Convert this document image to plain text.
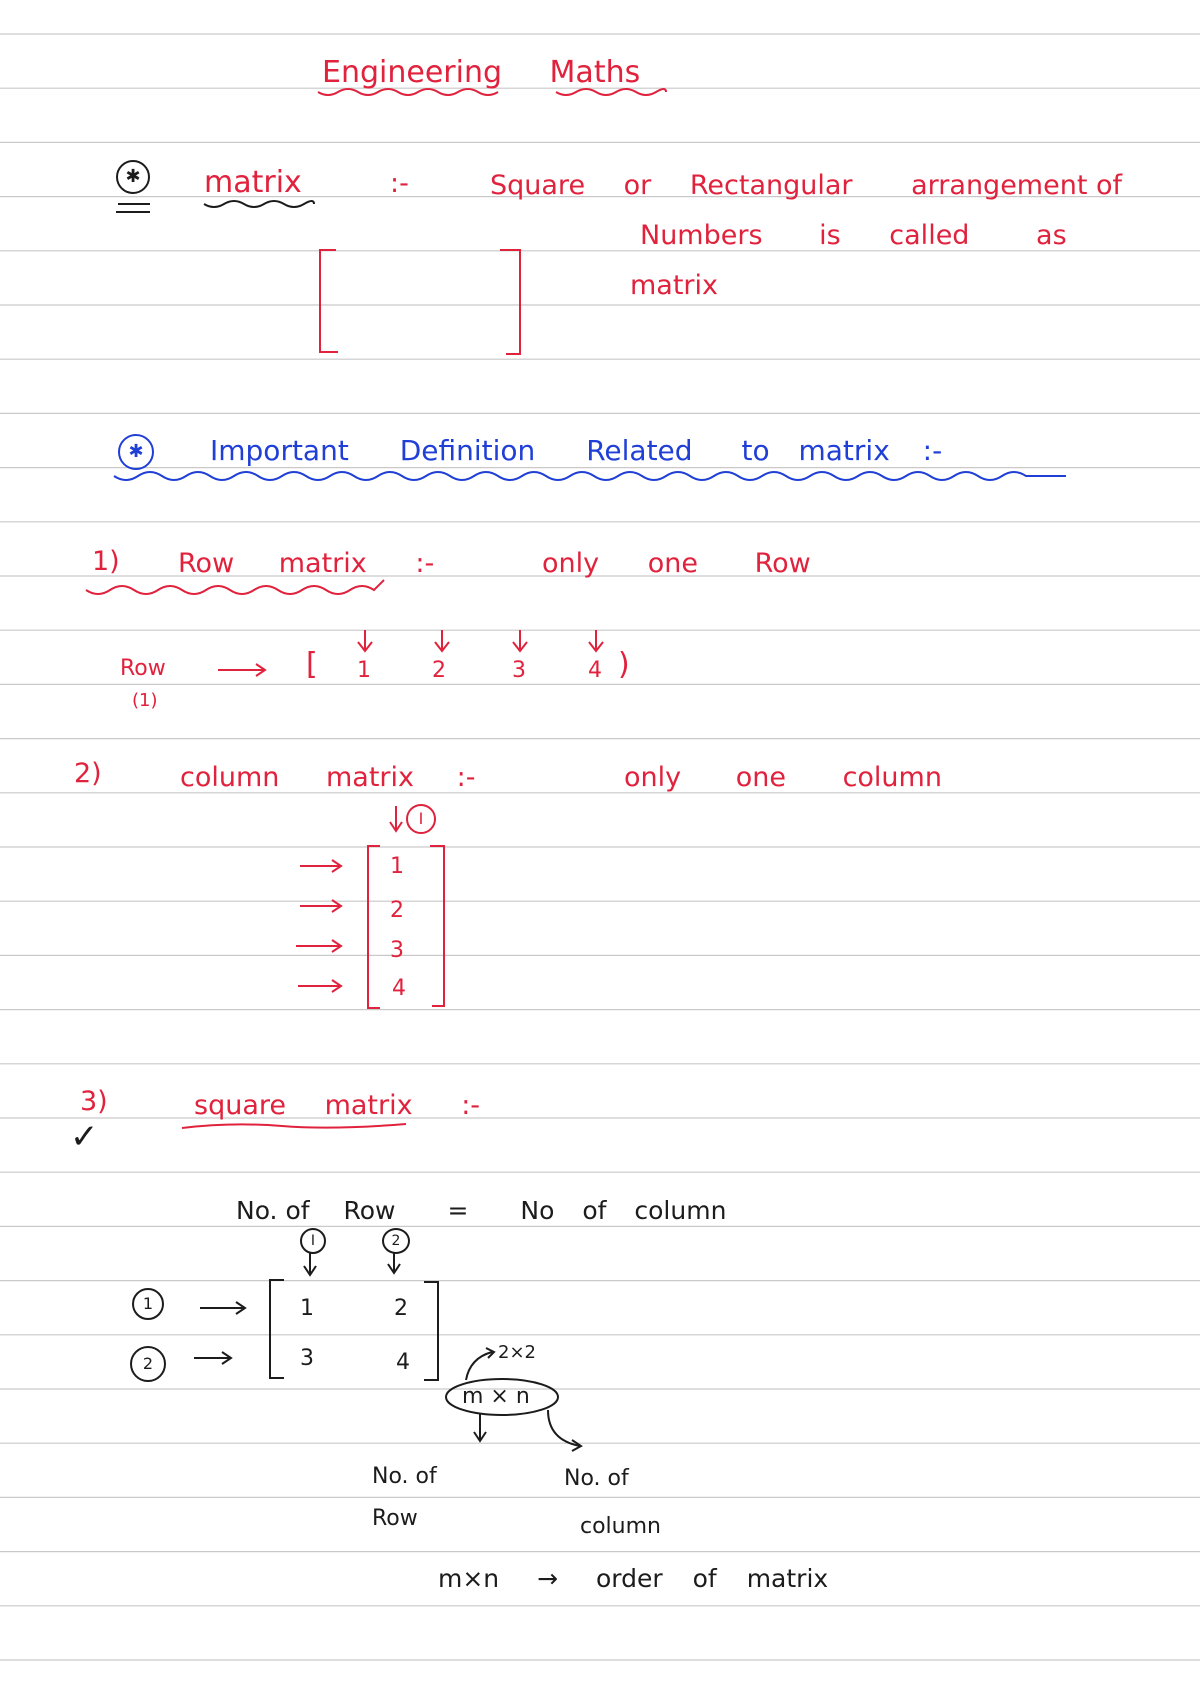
Engineering Maths
✱	matrix	:-	Square or Rectangular arrangement of
Numbers is called as
matrix
✱	Important Definition Related to matrix :-
1) Row matrix :-	only one Row
Row
(1)
[ 1	2	3	4 )
2)	column matrix :-	only one column
I
1
2
3
4
3)
✓
square matrix :-
No. of Row = No of column
I	2
1
2
1	2
3	4	2×2
m × n
No. of
Row
No. of
column
m×n → order of matrix
